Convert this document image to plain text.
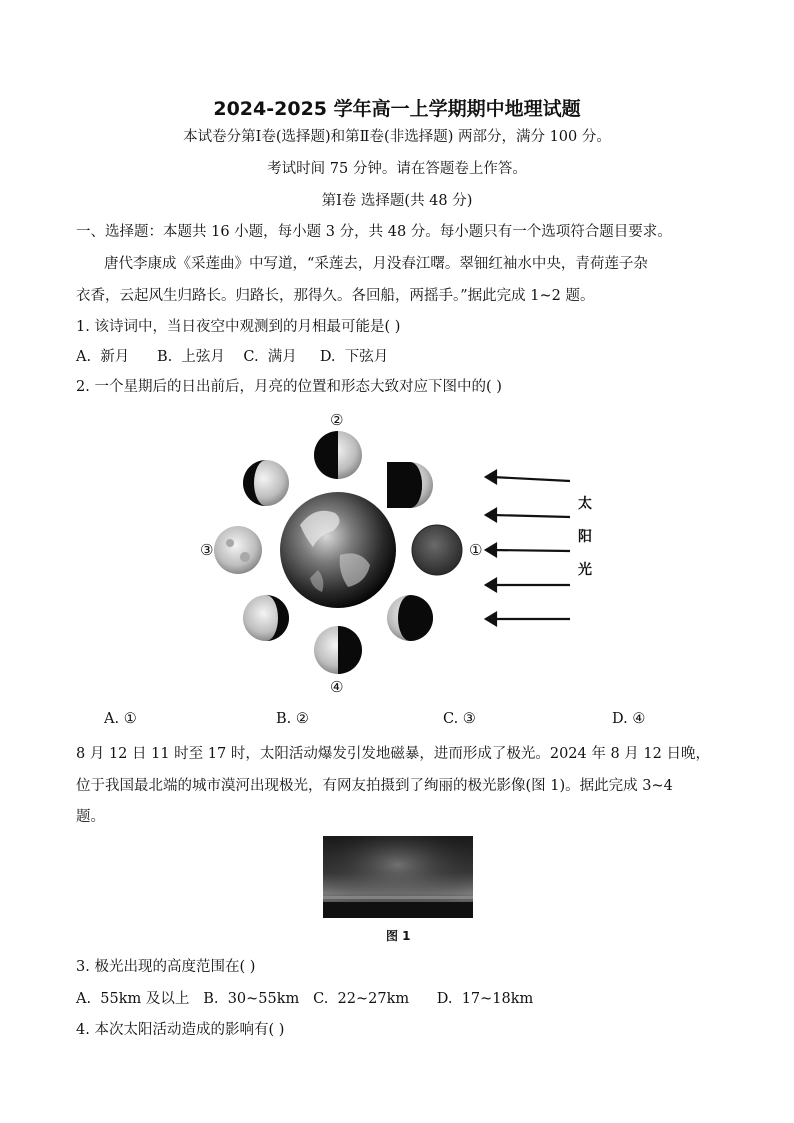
2024-2025 学年高一上学期期中地理试题
本试卷分第Ⅰ卷(选择题)和第Ⅱ卷(非选择题) 两部分，满分 100 分。
考试时间 75 分钟。请在答题卷上作答。
第Ⅰ卷 选择题(共 48 分)
一、选择题：本题共 16 小题，每小题 3 分，共 48 分。每小题只有一个选项符合题目要求。
唐代李康成《采莲曲》中写道，“采莲去，月没春江曙。翠钿红袖水中央，青荷莲子杂
衣香，云起风生归路长。归路长，那得久。各回船，两摇手。”据此完成 1~2 题。
1. 该诗词中，当日夜空中观测到的月相最可能是( )
A.  新月      B.  上弦月    C.  满月     D.  下弦月
2. 一个星期后的日出前后，月亮的位置和形态大致对应下图中的( )
①
②
③
④
太
阳
光
A. ①	B. ②	C. ③	D. ④
8 月 12 日 11 时至 17 时，太阳活动爆发引发地磁暴，进而形成了极光。2024 年 8 月 12 日晚，
位于我国最北端的城市漠河出现极光，有网友拍摄到了绚丽的极光影像(图 1)。据此完成 3~4
题。
图 1
3. 极光出现的高度范围在( )
A.  55km 及以上   B.  30~55km   C.  22~27km      D.  17~18km
4. 本次太阳活动造成的影响有( )
